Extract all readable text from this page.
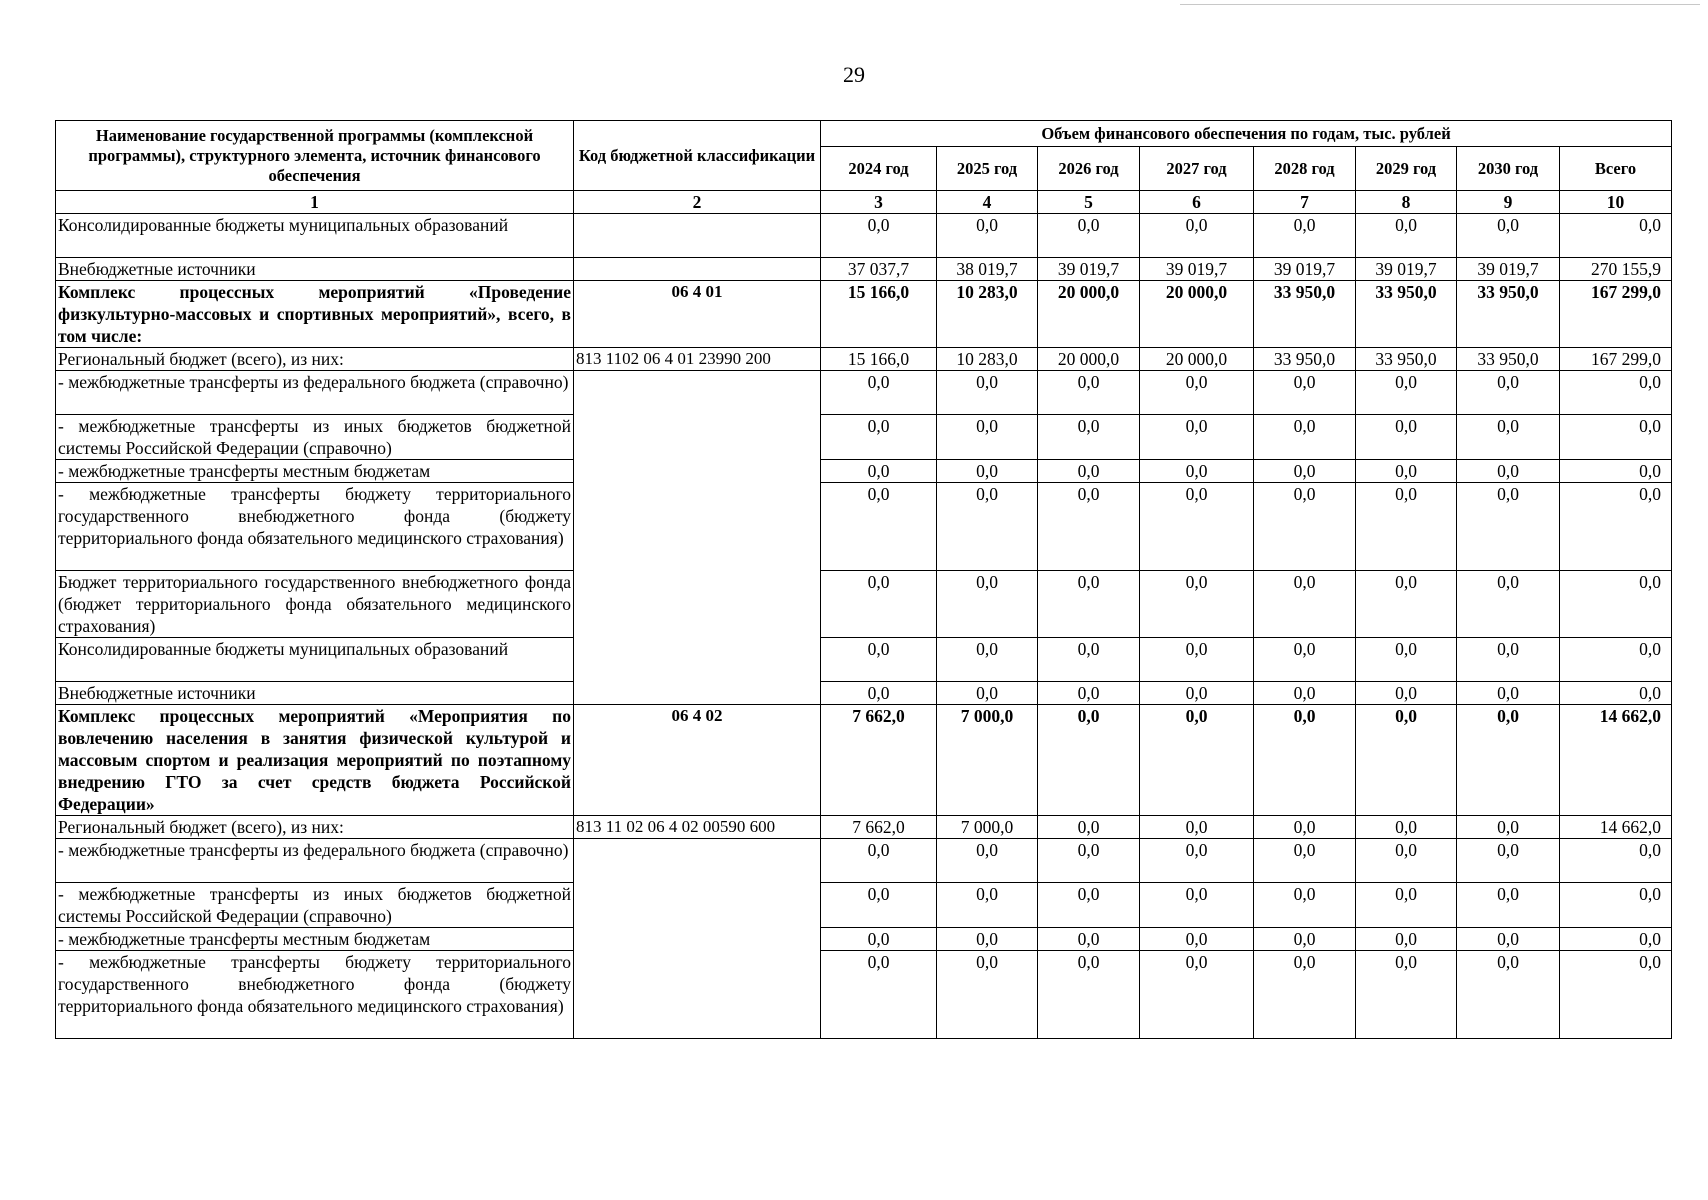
29
Наименование государственной программы (комплексной программы), структурного элемента, источник финансового обеспечения	Код бюджетной классификации	Объем финансового обеспечения по годам, тыс. рублей							
		2024 год	2025 год	2026 год	2027 год	2028 год	2029 год	2030 год	Всего
1	2	3	4	5	6	7	8	9	10
Консолидированные бюджеты муниципальных образований		0,0	0,0	0,0	0,0	0,0	0,0	0,0	0,0
Внебюджетные источники		37 037,7	38 019,7	39 019,7	39 019,7	39 019,7	39 019,7	39 019,7	270 155,9
Комплекс процессных мероприятий «Проведение физкультурно-массовых и спортивных мероприятий», всего, в том числе:	06 4 01	15 166,0	10 283,0	20 000,0	20 000,0	33 950,0	33 950,0	33 950,0	167 299,0
Региональный бюджет (всего), из них:	813 1102 06 4 01 23990 200	15 166,0	10 283,0	20 000,0	20 000,0	33 950,0	33 950,0	33 950,0	167 299,0
- межбюджетные трансферты из федерального бюджета (справочно)		0,0	0,0	0,0	0,0	0,0	0,0	0,0	0,0
- межбюджетные трансферты из иных бюджетов бюджетной системы Российской Федерации (справочно)		0,0	0,0	0,0	0,0	0,0	0,0	0,0	0,0
- межбюджетные трансферты местным бюджетам		0,0	0,0	0,0	0,0	0,0	0,0	0,0	0,0
- межбюджетные трансферты бюджету территориального государственного внебюджетного фонда (бюджету территориального фонда обязательного медицинского страхования)		0,0	0,0	0,0	0,0	0,0	0,0	0,0	0,0
Бюджет территориального государственного внебюджетного фонда (бюджет территориального фонда обязательного медицинского страхования)		0,0	0,0	0,0	0,0	0,0	0,0	0,0	0,0
Консолидированные бюджеты муниципальных образований		0,0	0,0	0,0	0,0	0,0	0,0	0,0	0,0
Внебюджетные источники		0,0	0,0	0,0	0,0	0,0	0,0	0,0	0,0
Комплекс процессных мероприятий «Мероприятия по вовлечению населения в занятия физической культурой и массовым спортом и реализация мероприятий по поэтапному внедрению ГТО за счет средств бюджета Российской Федерации»	06 4 02	7 662,0	7 000,0	0,0	0,0	0,0	0,0	0,0	14 662,0
Региональный бюджет (всего), из них:	813 11 02 06 4 02 00590 600	7 662,0	7 000,0	0,0	0,0	0,0	0,0	0,0	14 662,0
- межбюджетные трансферты из федерального бюджета (справочно)		0,0	0,0	0,0	0,0	0,0	0,0	0,0	0,0
- межбюджетные трансферты из иных бюджетов бюджетной системы Российской Федерации (справочно)		0,0	0,0	0,0	0,0	0,0	0,0	0,0	0,0
- межбюджетные трансферты местным бюджетам		0,0	0,0	0,0	0,0	0,0	0,0	0,0	0,0
- межбюджетные трансферты бюджету территориального государственного внебюджетного фонда (бюджету территориального фонда обязательного медицинского страхования)		0,0	0,0	0,0	0,0	0,0	0,0	0,0	0,0
